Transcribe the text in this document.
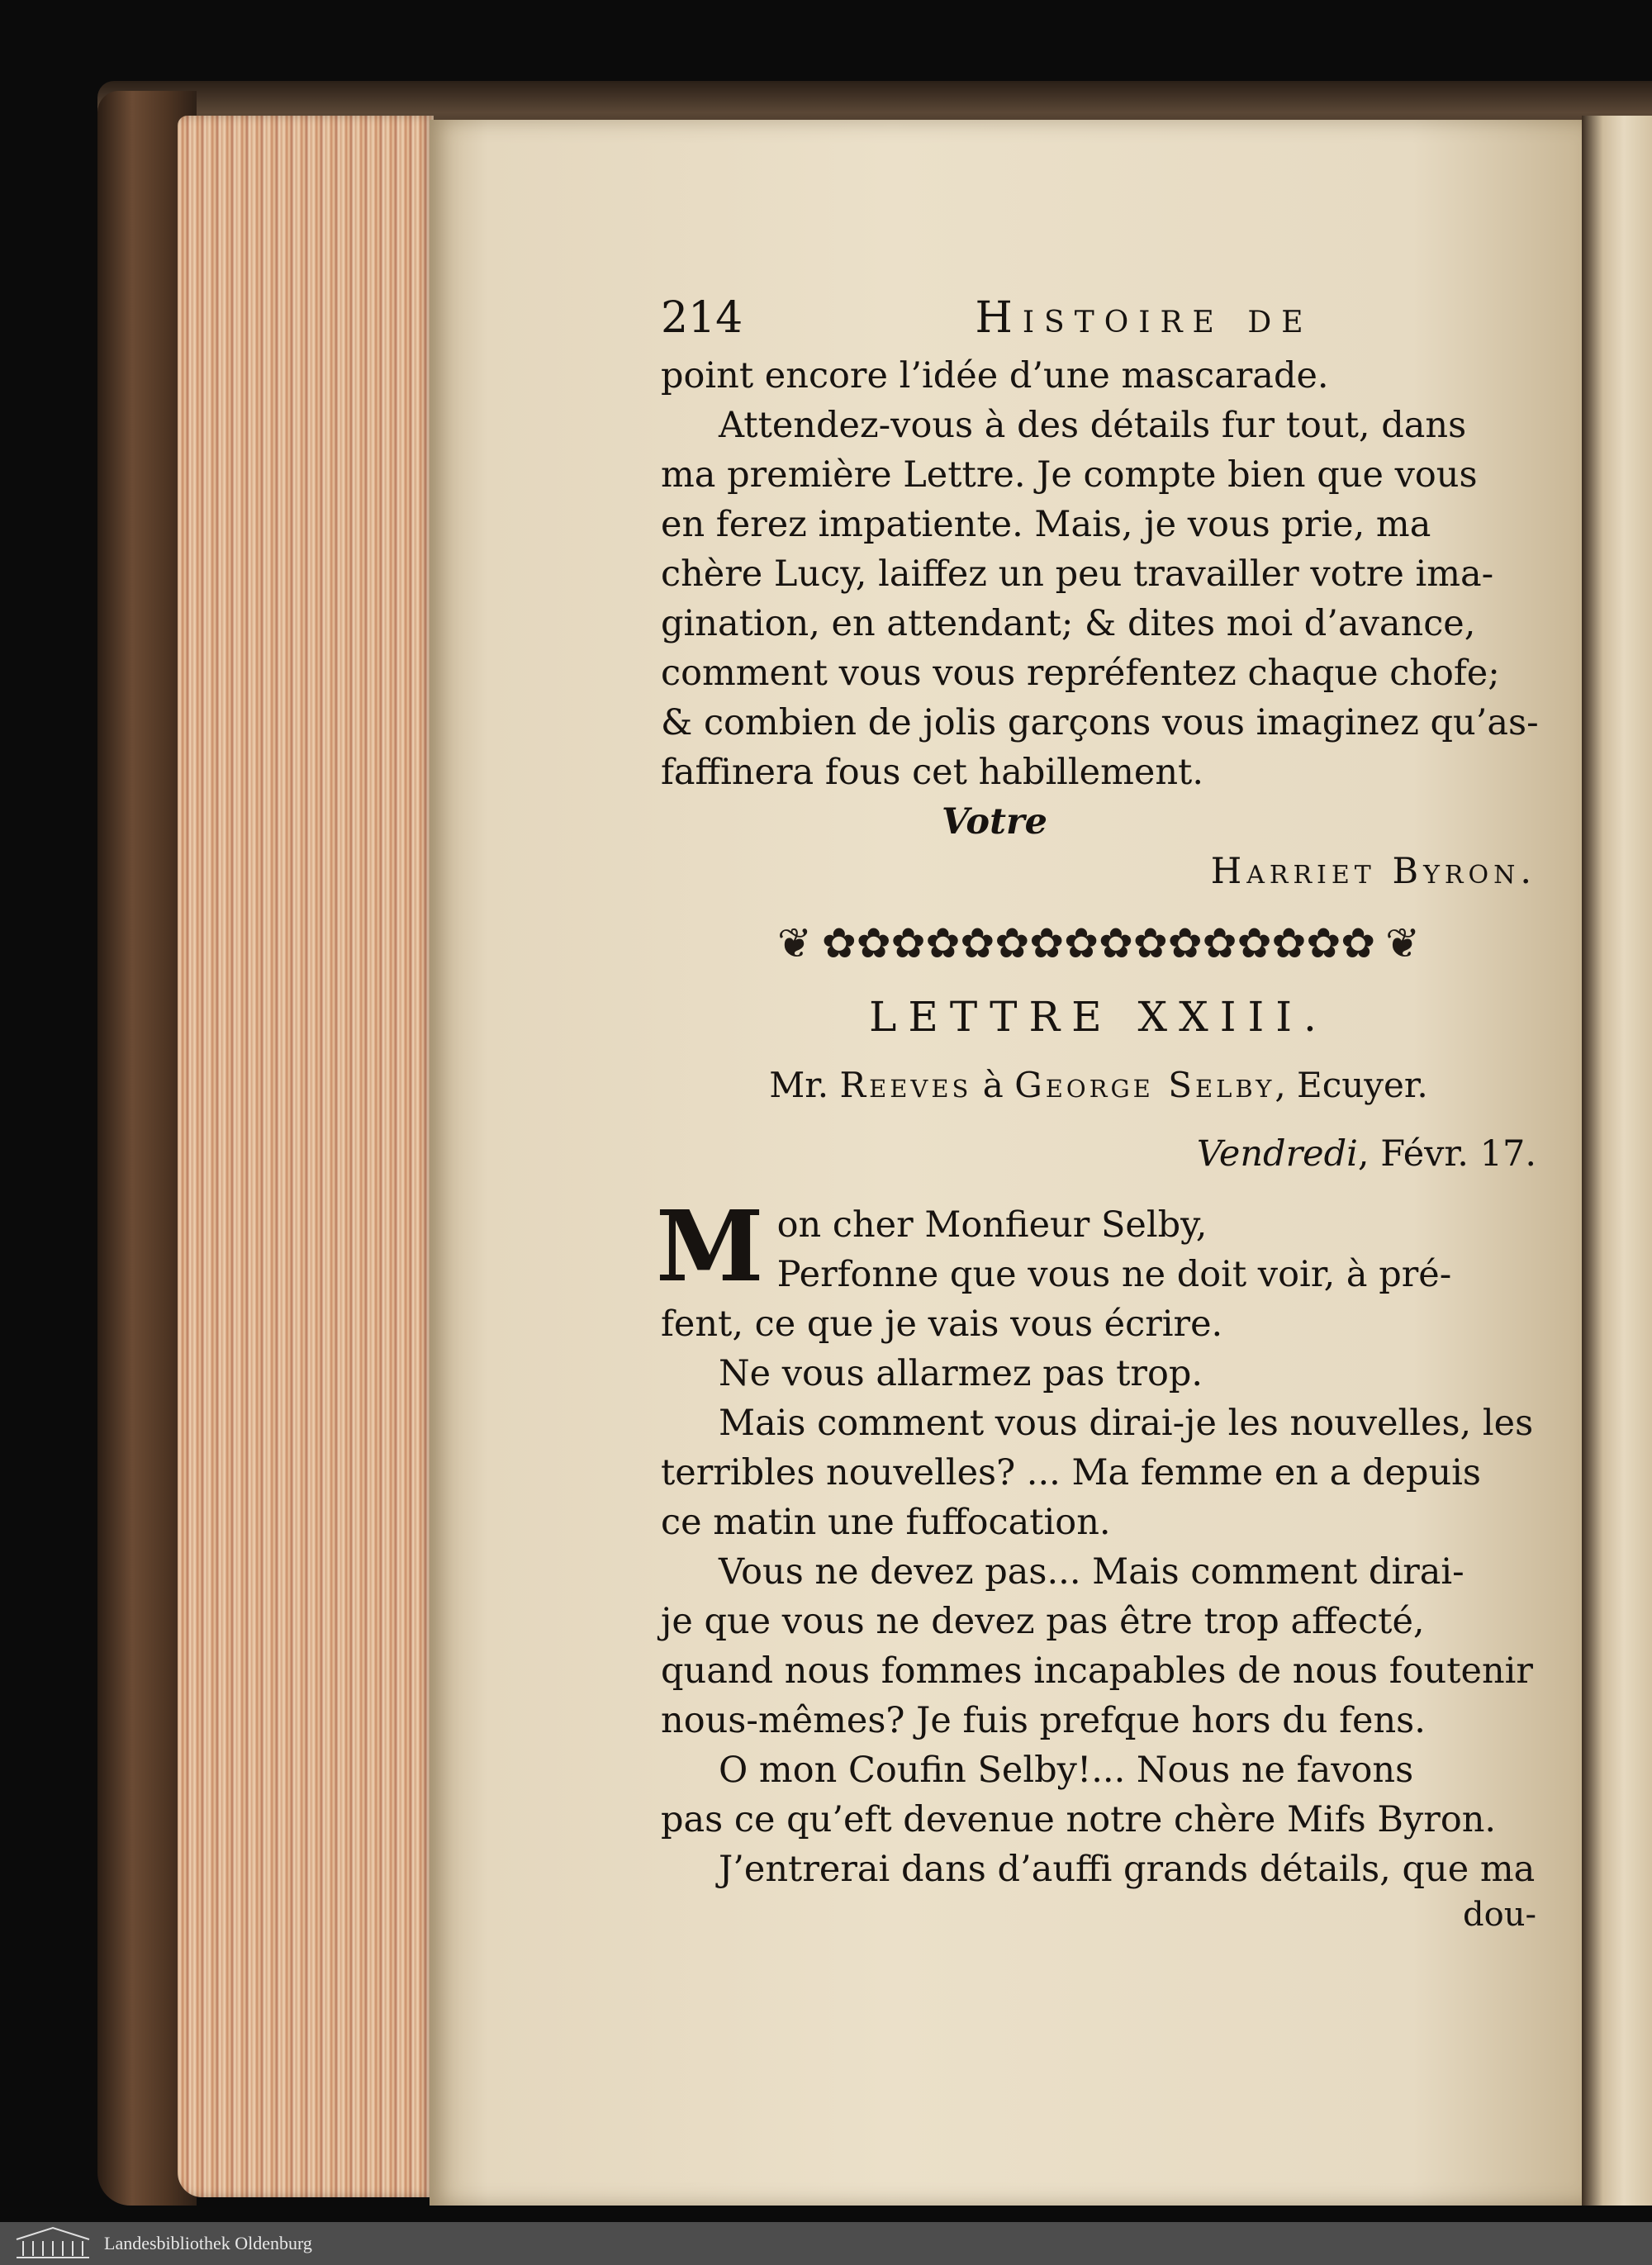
214	Histoire de
point encore l’idée d’une mascarade.
Attendez-vous à des détails fur tout, dans
ma première Lettre. Je compte bien que vous
en ferez impatiente. Mais, je vous prie, ma
chère Lucy, laiffez un peu travailler votre ima-
gination, en attendant; & dites moi d’avance,
comment vous vous repréfentez chaque chofe;
& combien de jolis garçons vous imaginez qu’as-
faffinera fous cet habillement.
Votre
Harriet Byron.
❦ ✿✿✿✿✿✿✿✿✿✿✿✿✿✿✿✿ ❦
LETTRE XXIII.
Mr. Reeves à George Selby, Ecuyer.
Vendredi, Févr. 17.
M on cher Monfieur Selby,
Perfonne que vous ne doit voir, à pré-
fent, ce que je vais vous écrire.
Ne vous allarmez pas trop.
Mais comment vous dirai-je les nouvelles, les
terribles nouvelles? ... Ma femme en a depuis
ce matin une fuffocation.
Vous ne devez pas... Mais comment dirai-
je que vous ne devez pas être trop affecté,
quand nous fommes incapables de nous foutenir
nous-mêmes? Je fuis prefque hors du fens.
O mon Coufin Selby!... Nous ne favons
pas ce qu’eft devenue notre chère Mifs Byron.
J’entrerai dans d’auffi grands détails, que ma
dou-
Landesbibliothek Oldenburg
